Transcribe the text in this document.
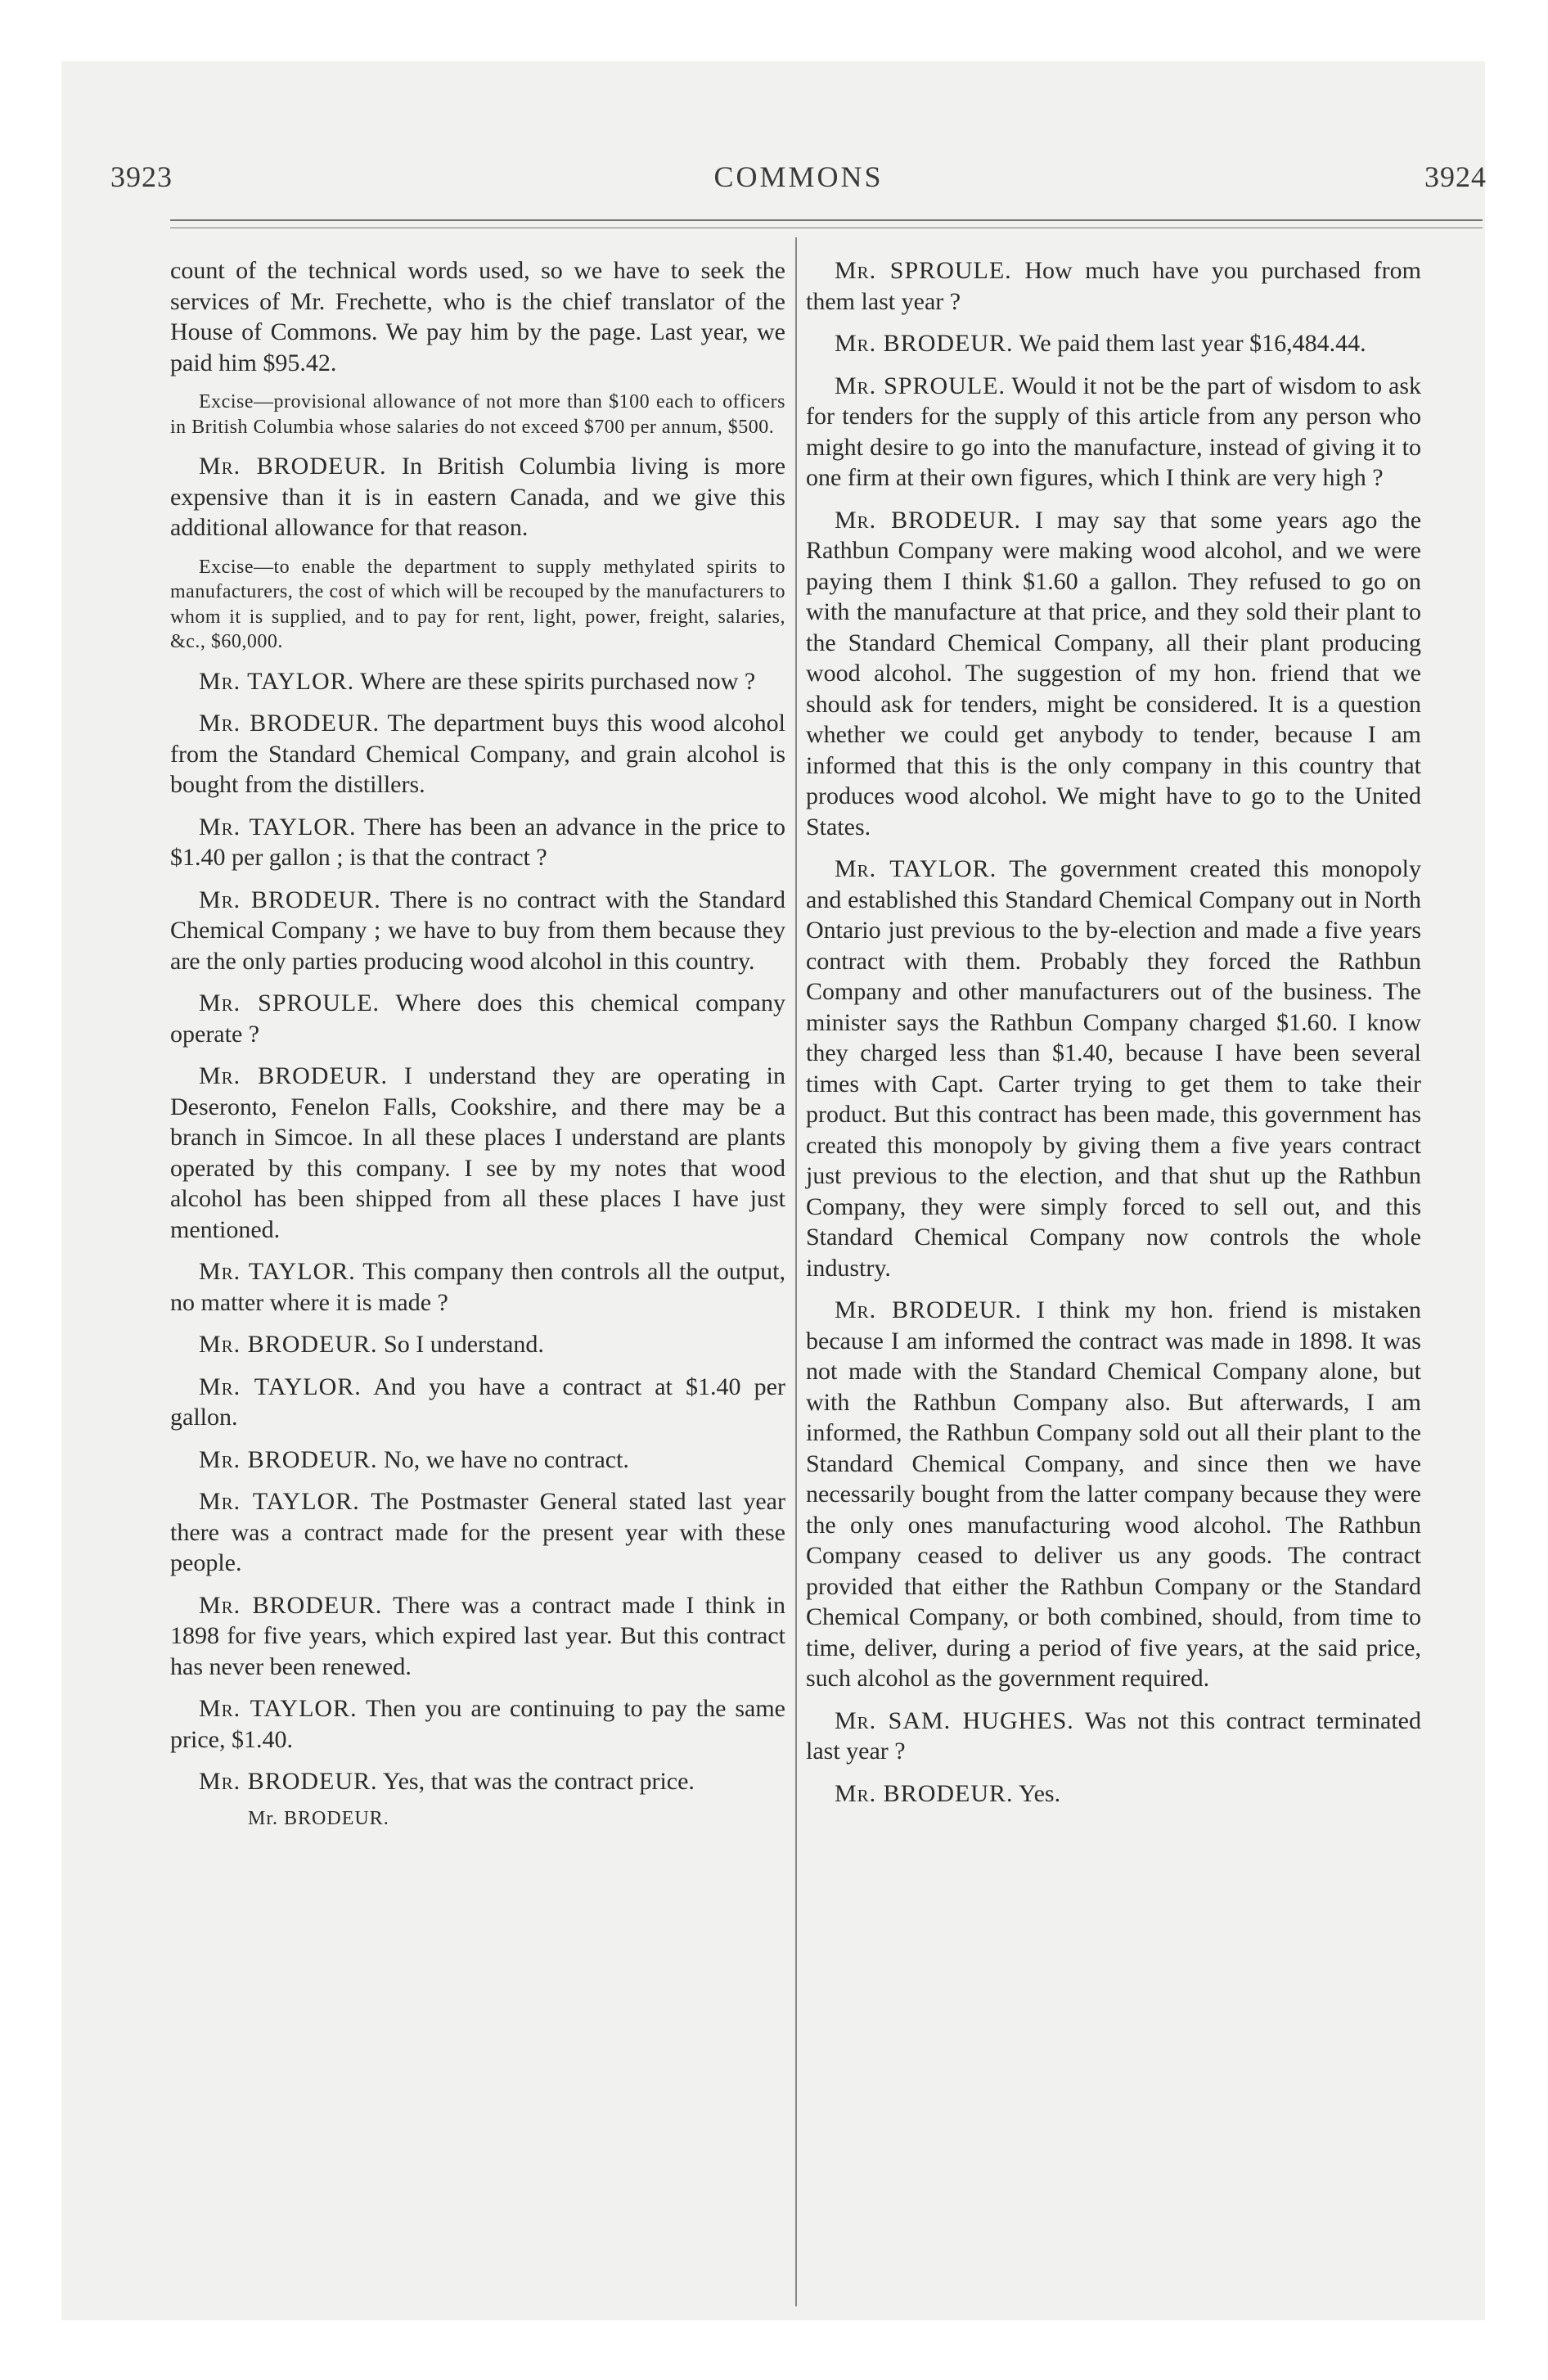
3923	COMMONS	3924

count of the technical words used, so we have to seek the services of Mr. Frechette, who is the chief translator of the House of Commons. We pay him by the page. Last year, we paid him $95.42.

Excise—provisional allowance of not more than $100 each to officers in British Columbia whose salaries do not exceed $700 per annum, $500.

Mr. BRODEUR. In British Columbia living is more expensive than it is in eastern Canada, and we give this additional allowance for that reason.

Excise—to enable the department to supply methylated spirits to manufacturers, the cost of which will be recouped by the manufacturers to whom it is supplied, and to pay for rent, light, power, freight, salaries, &c., $60,000.

Mr. TAYLOR. Where are these spirits purchased now ?

Mr. BRODEUR. The department buys this wood alcohol from the Standard Chemical Company, and grain alcohol is bought from the distillers.

Mr. TAYLOR. There has been an advance in the price to $1.40 per gallon ; is that the contract ?

Mr. BRODEUR. There is no contract with the Standard Chemical Company ; we have to buy from them because they are the only parties producing wood alcohol in this country.

Mr. SPROULE. Where does this chemical company operate ?

Mr. BRODEUR. I understand they are operating in Deseronto, Fenelon Falls, Cookshire, and there may be a branch in Simcoe. In all these places I understand are plants operated by this company. I see by my notes that wood alcohol has been shipped from all these places I have just mentioned.

Mr. TAYLOR. This company then controls all the output, no matter where it is made ?

Mr. BRODEUR. So I understand.

Mr. TAYLOR. And you have a contract at $1.40 per gallon.

Mr. BRODEUR. No, we have no contract.

Mr. TAYLOR. The Postmaster General stated last year there was a contract made for the present year with these people.

Mr. BRODEUR. There was a contract made I think in 1898 for five years, which expired last year. But this contract has never been renewed.

Mr. TAYLOR. Then you are continuing to pay the same price, $1.40.

Mr. BRODEUR. Yes, that was the contract price.

Mr. BRODEUR.

Mr. SPROULE. How much have you purchased from them last year ?

Mr. BRODEUR. We paid them last year $16,484.44.

Mr. SPROULE. Would it not be the part of wisdom to ask for tenders for the supply of this article from any person who might desire to go into the manufacture, instead of giving it to one firm at their own figures, which I think are very high ?

Mr. BRODEUR. I may say that some years ago the Rathbun Company were making wood alcohol, and we were paying them I think $1.60 a gallon. They refused to go on with the manufacture at that price, and they sold their plant to the Standard Chemical Company, all their plant producing wood alcohol. The suggestion of my hon. friend that we should ask for tenders, might be considered. It is a question whether we could get anybody to tender, because I am informed that this is the only company in this country that produces wood alcohol. We might have to go to the United States.

Mr. TAYLOR. The government created this monopoly and established this Standard Chemical Company out in North Ontario just previous to the by-election and made a five years contract with them. Probably they forced the Rathbun Company and other manufacturers out of the business. The minister says the Rathbun Company charged $1.60. I know they charged less than $1.40, because I have been several times with Capt. Carter trying to get them to take their product. But this contract has been made, this government has created this monopoly by giving them a five years contract just previous to the election, and that shut up the Rathbun Company, they were simply forced to sell out, and this Standard Chemical Company now controls the whole industry.

Mr. BRODEUR. I think my hon. friend is mistaken because I am informed the contract was made in 1898. It was not made with the Standard Chemical Company alone, but with the Rathbun Company also. But afterwards, I am informed, the Rathbun Company sold out all their plant to the Standard Chemical Company, and since then we have necessarily bought from the latter company because they were the only ones manufacturing wood alcohol. The Rathbun Company ceased to deliver us any goods. The contract provided that either the Rathbun Company or the Standard Chemical Company, or both combined, should, from time to time, deliver, during a period of five years, at the said price, such alcohol as the government required.

Mr. SAM. HUGHES. Was not this contract terminated last year ?

Mr. BRODEUR. Yes.
